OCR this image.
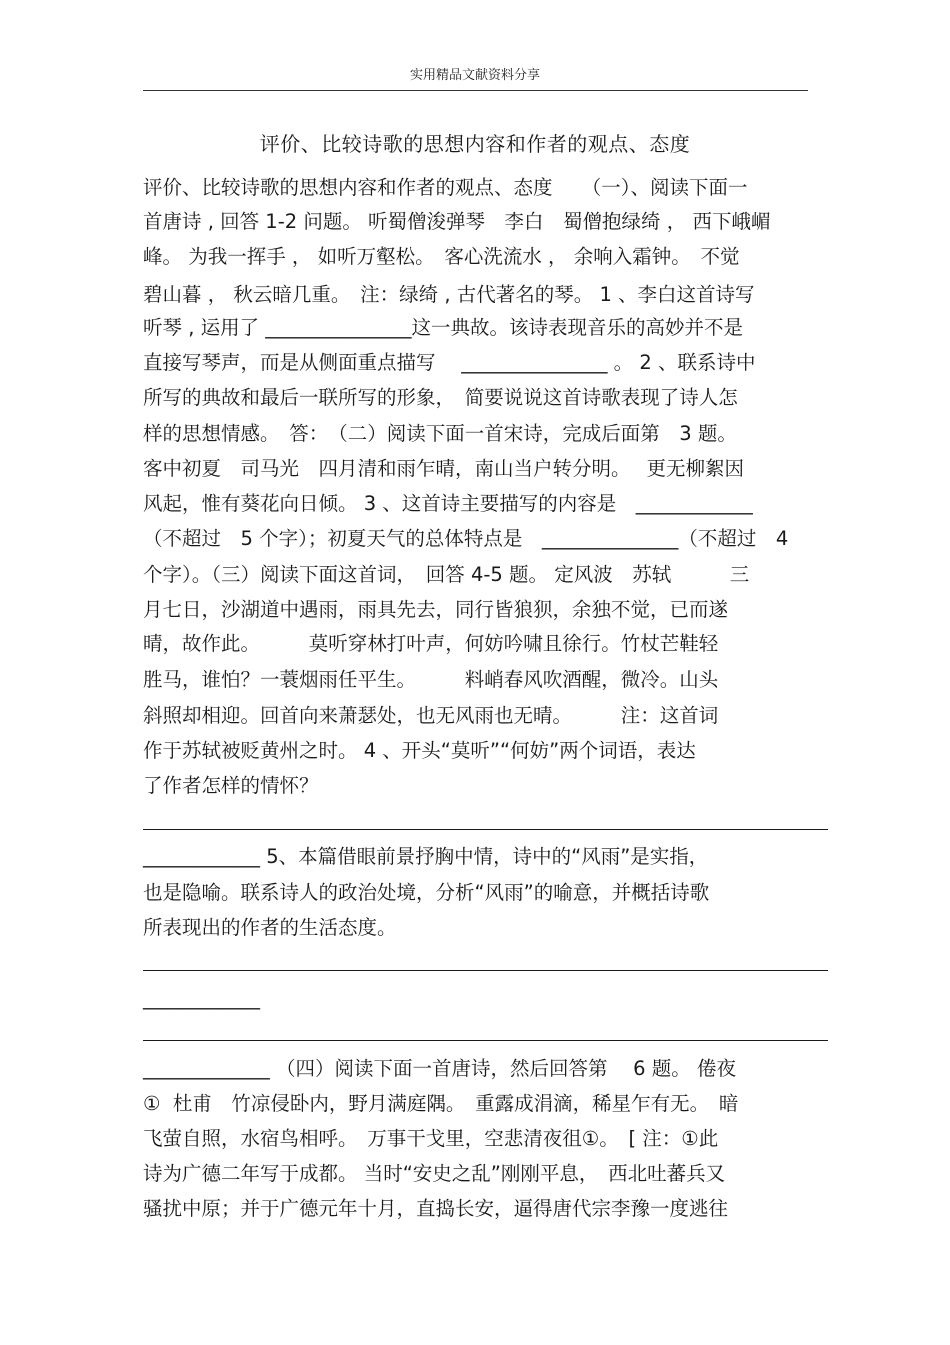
实用精品文献资料分享
评价、比较诗歌的思想内容和作者的观点、态度
评价、比较诗歌的思想内容和作者的观点、态度　　（一）、阅读下面一
首唐诗 , 回答 1-2 问题。 听蜀僧浚弹琴　李白　蜀僧抱绿绮 ， 西下峨嵋
峰。 为我一挥手 ， 如听万壑松。　客心洗流水 ， 余响入霜钟。　不觉
碧山暮 ， 秋云暗几重。　注：绿绮 , 古代著名的琴。 1 、李白这首诗写
听琴 , 运用了 _______________这一典故。该诗表现音乐的高妙并不是
直接写琴声，而是从侧面重点描写　 _______________ 。 2 、联系诗中
所写的典故和最后一联所写的形象，　简要说说这首诗歌表现了诗人怎
样的思想情感。　答：　（二）阅读下面一首宋诗，完成后面第　3 题。
客中初夏　司马光　四月清和雨乍晴，南山当户转分明。　 更无柳絮因
风起，惟有葵花向日倾。 3 、这首诗主要描写的内容是　____________
（不超过　5 个字）；初夏天气的总体特点是　______________（不超过　4
个字）。（三）阅读下面这首词，　回答 4-5 题。 定风波　苏轼　　　三
月七日，沙湖道中遇雨，雨具先去，同行皆狼狈，余独不觉，已而遂
晴，故作此。　　　莫听穿林打叶声，何妨吟啸且徐行。竹杖芒鞋轻
胜马，谁怕？一蓑烟雨任平生。　　　料峭春风吹酒醒，微冷。山头
斜照却相迎。回首向来萧瑟处，也无风雨也无晴。　　　注：这首词
作于苏轼被贬黄州之时。 4 、开头“莫听”“何妨”两个词语，表达
了作者怎样的情怀？
____________ 5、本篇借眼前景抒胸中情，诗中的“风雨”是实指，
也是隐喻。联系诗人的政治处境，分析“风雨”的喻意，并概括诗歌
所表现出的作者的生活态度。
____________
_____________ （四）阅读下面一首唐诗，然后回答第　 6 题。 倦夜
①  杜甫　竹凉侵卧内，野月满庭隅。　重露成涓滴，稀星乍有无。　暗
飞萤自照，水宿鸟相呼。　万事干戈里，空悲清夜徂①。　[ 注：①此
诗为广德二年写于成都。 当时“安史之乱”刚刚平息，　西北吐蕃兵又
骚扰中原；并于广德元年十月，直捣长安，逼得唐代宗李豫一度逃往
